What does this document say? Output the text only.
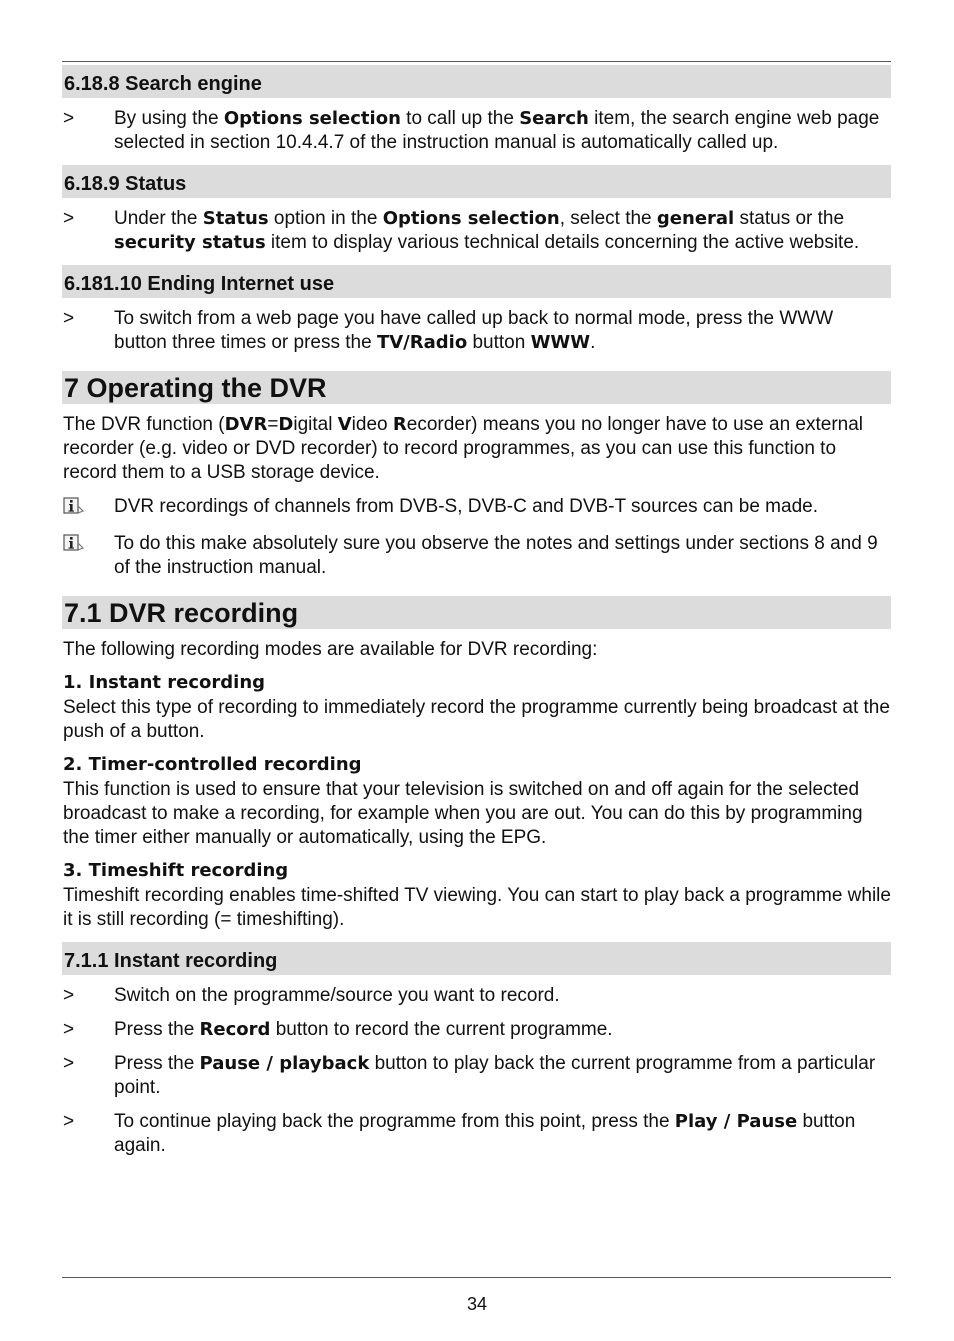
6.18.8 Search engine
>	By using the Options selection to call up the Search item, the search engine web page selected in section 10.4.4.7 of the instruction manual is automatically called up.
6.18.9 Status
>	Under the Status option in the Options selection, select the general status or the security status item to display various technical details concerning the active website.
6.181.10 Ending Internet use
>	To switch from a web page you have called up back to normal mode, press the WWW button three times or press the TV/Radio button WWW.
7 Operating the DVR
The DVR function (DVR=Digital Video Recorder) means you no longer have to use an external recorder (e.g. video or DVD recorder) to record programmes, as you can use this function to record them to a USB storage device.
DVR recordings of channels from DVB-S, DVB-C and DVB-T sources can be made.
To do this make absolutely sure you observe the notes and settings under sections 8 and 9 of the instruction manual.
7.1 DVR recording
The following recording modes are available for DVR recording:
1. Instant recording
Select this type of recording to immediately record the programme currently being broadcast at the push of a button.
2. Timer-controlled recording
This function is used to ensure that your television is switched on and off again for the selected broadcast to make a recording, for example when you are out. You can do this by programming the timer either manually or automatically, using the EPG.
3. Timeshift recording
Timeshift recording enables time-shifted TV viewing. You can start to play back a programme while it is still recording (= timeshifting).
7.1.1 Instant recording
>	Switch on the programme/source you want to record.
>	Press the Record button to record the current programme.
>	Press the Pause / playback button to play back the current programme from a particular point.
>	To continue playing back the programme from this point, press the Play / Pause button again.
34
